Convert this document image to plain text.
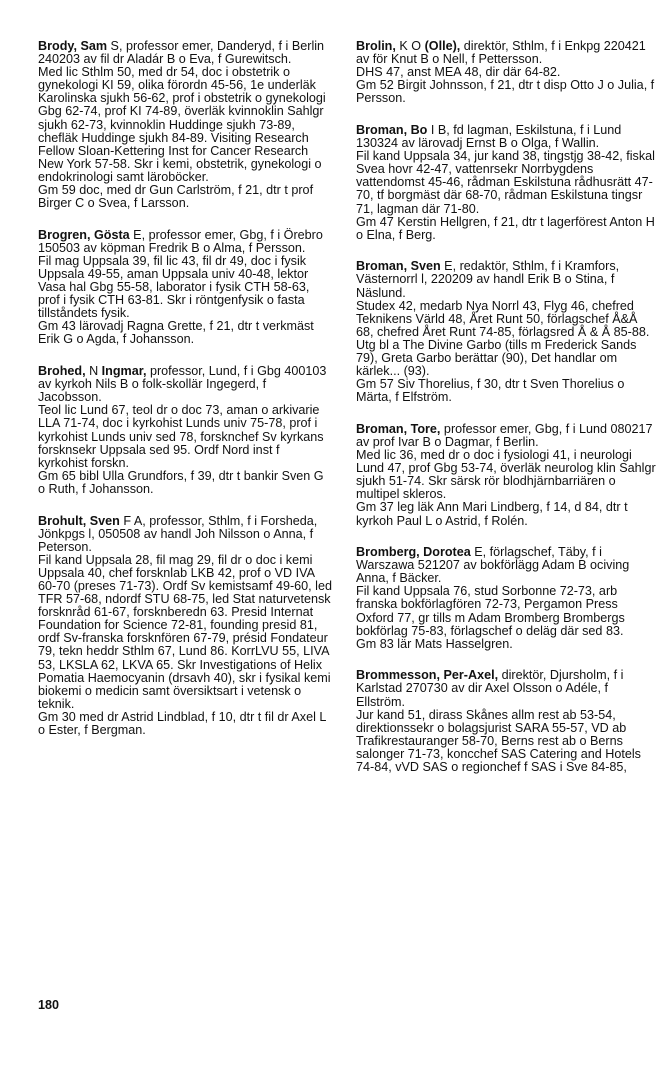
Brody, Sam S, professor emer, Danderyd, f i Berlin 240203 av fil dr Aladár B o Eva, f Gurewitsch.

Med lic Sthlm 50, med dr 54, doc i obstetrik o gynekologi KI 59, olika förordn 45-56, 1e underläk Karolinska sjukh 56-62, prof i obstetrik o gynekologi Gbg 62-74, prof KI 74-89, överläk kvinnoklin Sahlgr sjukh 62-73, kvinnoklin Huddinge sjukh 73-89, chefläk Huddinge sjukh 84-89. Visiting Research Fellow Sloan-Kettering Inst for Cancer Research New York 57-58. Skr i kemi, obstetrik, gynekologi o endokrinologi samt läroböcker.

Gm 59 doc, med dr Gun Carlström, f 21, dtr t prof Birger C o Svea, f Larsson.

Brogren, Gösta E, professor emer, Gbg, f i Örebro 150503 av köpman Fredrik B o Alma, f Persson.

Fil mag Uppsala 39, fil lic 43, fil dr 49, doc i fysik Uppsala 49-55, aman Uppsala univ 40-48, lektor Vasa hal Gbg 55-58, laborator i fysik CTH 58-63, prof i fysik CTH 63-81. Skr i röntgenfysik o fasta tillståndets fysik.

Gm 43 lärovadj Ragna Grette, f 21, dtr t verkmäst Erik G o Agda, f Johansson.

Brohed, N Ingmar, professor, Lund, f i Gbg 400103 av kyrkoh Nils B o folk-skollär Ingegerd, f Jacobsson.

Teol lic Lund 67, teol dr o doc 73, aman o arkivarie LLA 71-74, doc i kyrkohist Lunds univ 75-78, prof i kyrkohist Lunds univ sed 78, forsknchef Sv kyrkans forsknsekr Uppsala sed 95. Ordf Nord inst f kyrkohist forskn.

Gm 65 bibl Ulla Grundfors, f 39, dtr t bankir Sven G o Ruth, f Johansson.

Brohult, Sven F A, professor, Sthlm, f i Forsheda, Jönkpgs l, 050508 av handl Joh Nilsson o Anna, f Peterson.

Fil kand Uppsala 28, fil mag 29, fil dr o doc i kemi Uppsala 40, chef forsknlab LKB 42, prof o VD IVA 60-70 (preses 71-73). Ordf Sv kemistsamf 49-60, led TFR 57-68, ndordf STU 68-75, led Stat naturvetensk forsknråd 61-67, forsknberedn 63. Presid Internat Foundation for Science 72-81, founding presid 81, ordf Sv-franska forsknfören 67-79, présid Fondateur 79, tekn heddr Sthlm 67, Lund 86. KorrLVU 55, LIVA 53, LKSLA 62, LKVA 65. Skr Investigations of Helix Pomatia Haemocyanin (drsavh 40), skr i fysikal kemi biokemi o medicin samt översiktsart i vetensk o teknik.

Gm 30 med dr Astrid Lindblad, f 10, dtr t fil dr Axel L o Ester, f Bergman.

Brolin, K O (Olle), direktör, Sthlm, f i Enkpg 220421 av för Knut B o Nell, f Pettersson.

DHS 47, anst MEA 48, dir där 64-82.

Gm 52 Birgit Johnsson, f 21, dtr t disp Otto J o Julia, f Persson.

Broman, Bo I B, fd lagman, Eskilstuna, f i Lund 130324 av lärovadj Ernst B o Olga, f Wallin.

Fil kand Uppsala 34, jur kand 38, tingstjg 38-42, fiskal Svea hovr 42-47, vattenrsekr Norrbygdens vattendomst 45-46, rådman Eskilstuna rådhusrätt 47-70, tf borgmäst där 68-70, rådman Eskilstuna tingsr 71, lagman där 71-80.

Gm 47 Kerstin Hellgren, f 21, dtr t lagerförest Anton H o Elna, f Berg.

Broman, Sven E, redaktör, Sthlm, f i Kramfors, Västernorrl l, 220209 av handl Erik B o Stina, f Näslund.

Studex 42, medarb Nya Norrl 43, Flyg 46, chefred Teknikens Värld 48, Året Runt 50, förlagschef Å&Å 68, chefred Året Runt 74-85, förlagsred Å & Å 85-88. Utg bl a The Divine Garbo (tills m Frederick Sands 79), Greta Garbo berättar (90), Det handlar om kärlek... (93).

Gm 57 Siv Thorelius, f 30, dtr t Sven Thorelius o Märta, f Elfström.

Broman, Tore, professor emer, Gbg, f i Lund 080217 av prof Ivar B o Dagmar, f Berlin.

Med lic 36, med dr o doc i fysiologi 41, i neurologi Lund 47, prof Gbg 53-74, överläk neurolog klin Sahlgr sjukh 51-74. Skr särsk rör blodhjärnbarriären o multipel skleros.

Gm 37 leg läk Ann Mari Lindberg, f 14, d 84, dtr t kyrkoh Paul L o Astrid, f Rolén.

Bromberg, Dorotea E, förlagschef, Täby, f i Warszawa 521207 av bokförlägg Adam B ociving Anna, f Bäcker.

Fil kand Uppsala 76, stud Sorbonne 72-73, arb franska bokförlagfören 72-73, Pergamon Press Oxford 77, gr tills m Adam Bromberg Brombergs bokförlag 75-83, förlagschef o deläg där sed 83.

Gm 83 lär Mats Hasselgren.

Brommesson, Per-Axel, direktör, Djursholm, f i Karlstad 270730 av dir Axel Olsson o Adéle, f Ellström.

Jur kand 51, dirass Skånes allm rest ab 53-54, direktionssekr o bolagsjurist SARA 55-57, VD ab Trafikrestauranger 58-70, Berns rest ab o Berns salonger 71-73, koncchef SAS Catering and Hotels 74-84, vVD SAS o regionchef f SAS i Sve 84-85,

180
